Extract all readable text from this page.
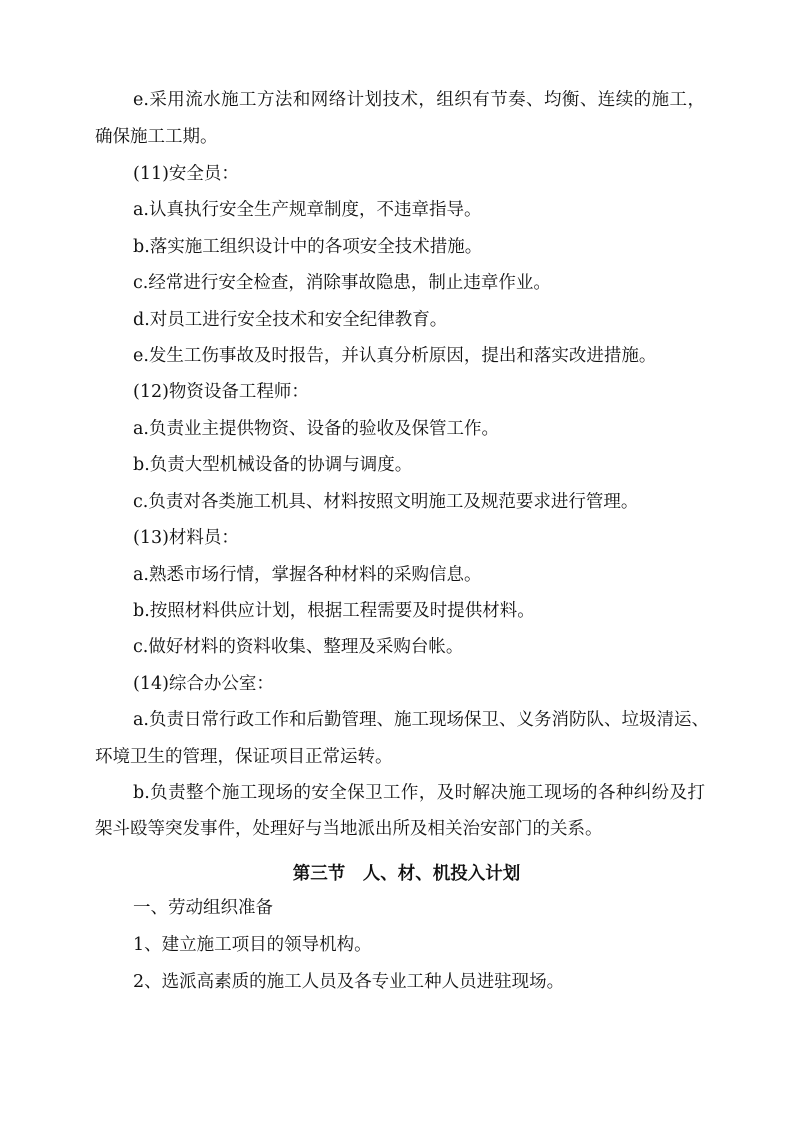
e.采用流水施工方法和网络计划技术，组织有节奏、均衡、连续的施工，
确保施工工期。
(11)安全员：
a.认真执行安全生产规章制度，不违章指导。
b.落实施工组织设计中的各项安全技术措施。
c.经常进行安全检查，消除事故隐患，制止违章作业。
d.对员工进行安全技术和安全纪律教育。
e.发生工伤事故及时报告，并认真分析原因，提出和落实改进措施。
(12)物资设备工程师：
a.负责业主提供物资、设备的验收及保管工作。
b.负责大型机械设备的协调与调度。
c.负责对各类施工机具、材料按照文明施工及规范要求进行管理。
(13)材料员：
a.熟悉市场行情，掌握各种材料的采购信息。
b.按照材料供应计划，根据工程需要及时提供材料。
c.做好材料的资料收集、整理及采购台帐。
(14)综合办公室：
a.负责日常行政工作和后勤管理、施工现场保卫、义务消防队、垃圾清运、
环境卫生的管理，保证项目正常运转。
b.负责整个施工现场的安全保卫工作，及时解决施工现场的各种纠纷及打
架斗殴等突发事件，处理好与当地派出所及相关治安部门的关系。
第三节　人、材、机投入计划
一、劳动组织准备
1、建立施工项目的领导机构。
2、选派高素质的施工人员及各专业工种人员进驻现场。
